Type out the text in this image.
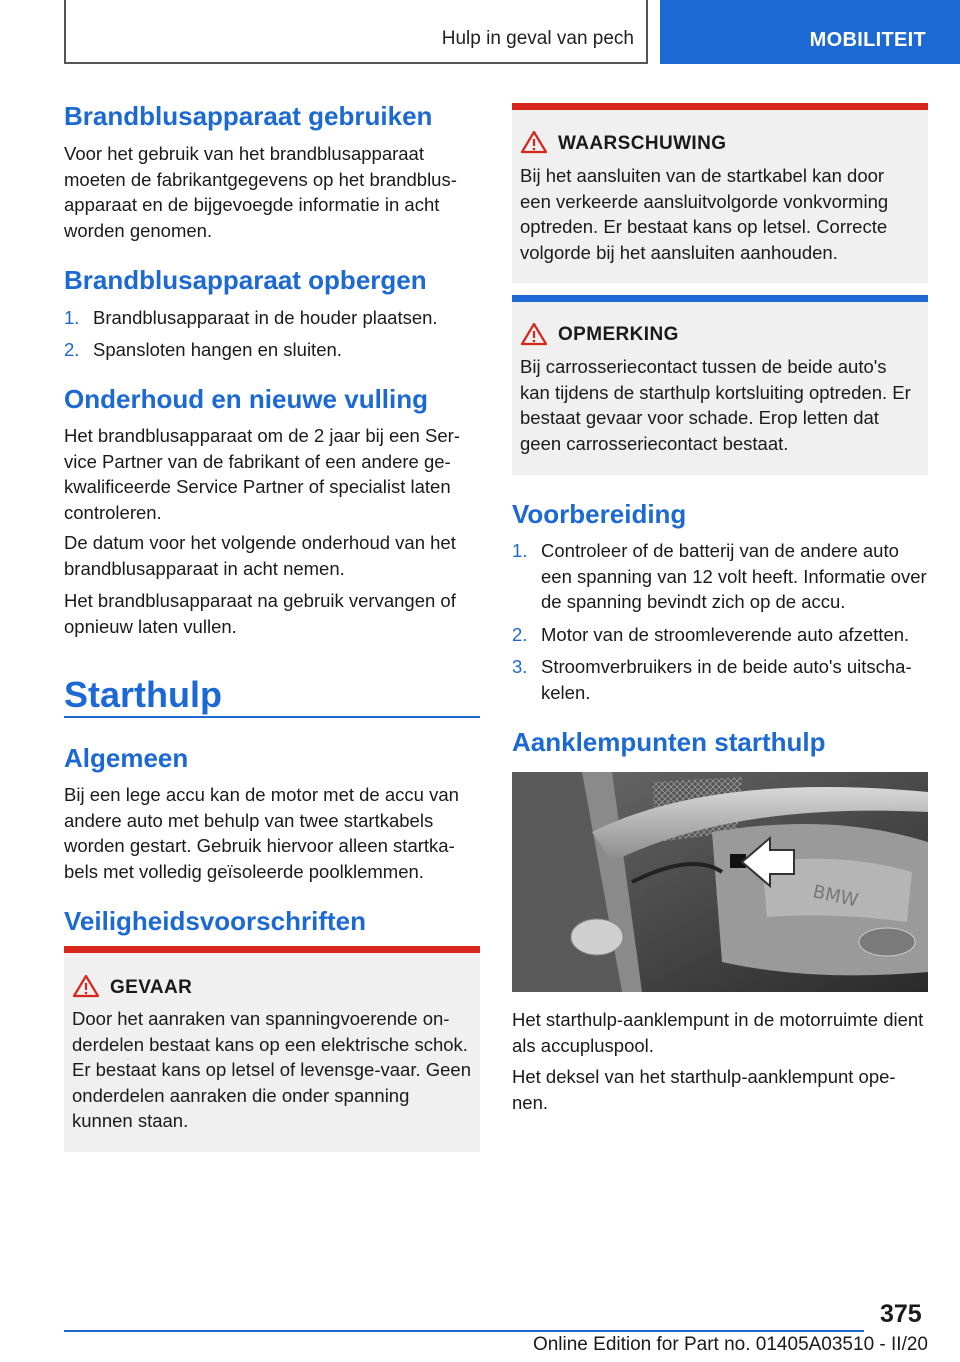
Hulp in geval van pech	MOBILITEIT
Brandblusapparaat gebruiken

Voor het gebruik van het brandblusapparaat moeten de fabrikantgegevens op het brandblus-apparaat en de bijgevoegde informatie in acht worden genomen.

Brandblusapparaat opbergen
1. Brandblusapparaat in de houder plaatsen.
2. Spansloten hangen en sluiten.
Onderhoud en nieuwe vulling

Het brandblusapparaat om de 2 jaar bij een Ser-vice Partner van de fabrikant of een andere ge-kwalificeerde Service Partner of specialist laten controleren.

De datum voor het volgende onderhoud van het brandblusapparaat in acht nemen.

Het brandblusapparaat na gebruik vervangen of opnieuw laten vullen.

Starthulp
Algemeen

Bij een lege accu kan de motor met de accu van andere auto met behulp van twee startkabels worden gestart. Gebruik hiervoor alleen startka-bels met volledig geïsoleerde poolklemmen.

Veiligheidsvoorschriften
GEVAAR
Door het aanraken van spanningvoerende on-derdelen bestaat kans op een elektrische schok. Er bestaat kans op letsel of levensge-vaar. Geen onderdelen aanraken die onder spanning kunnen staan.
WAARSCHUWING
Bij het aansluiten van de startkabel kan door een verkeerde aansluitvolgorde vonkvorming optreden. Er bestaat kans op letsel. Correcte volgorde bij het aansluiten aanhouden.
OPMERKING
Bij carrosseriecontact tussen de beide auto's kan tijdens de starthulp kortsluiting optreden. Er bestaat gevaar voor schade. Erop letten dat geen carrosseriecontact bestaat.
Voorbereiding
1. Controleer of de batterij van de andere auto een spanning van 12 volt heeft. Informatie over de spanning bevindt zich op de accu.
2. Motor van de stroomleverende auto afzetten.
3. Stroomverbruikers in de beide auto's uitscha-kelen.
Aanklempunten starthulp

Het starthulp-aanklempunt in de motorruimte dient als accupluspool.

Het deksel van het starthulp-aanklempunt ope-nen.

BMW
375
Online Edition for Part no. 01405A03510 - II/20
